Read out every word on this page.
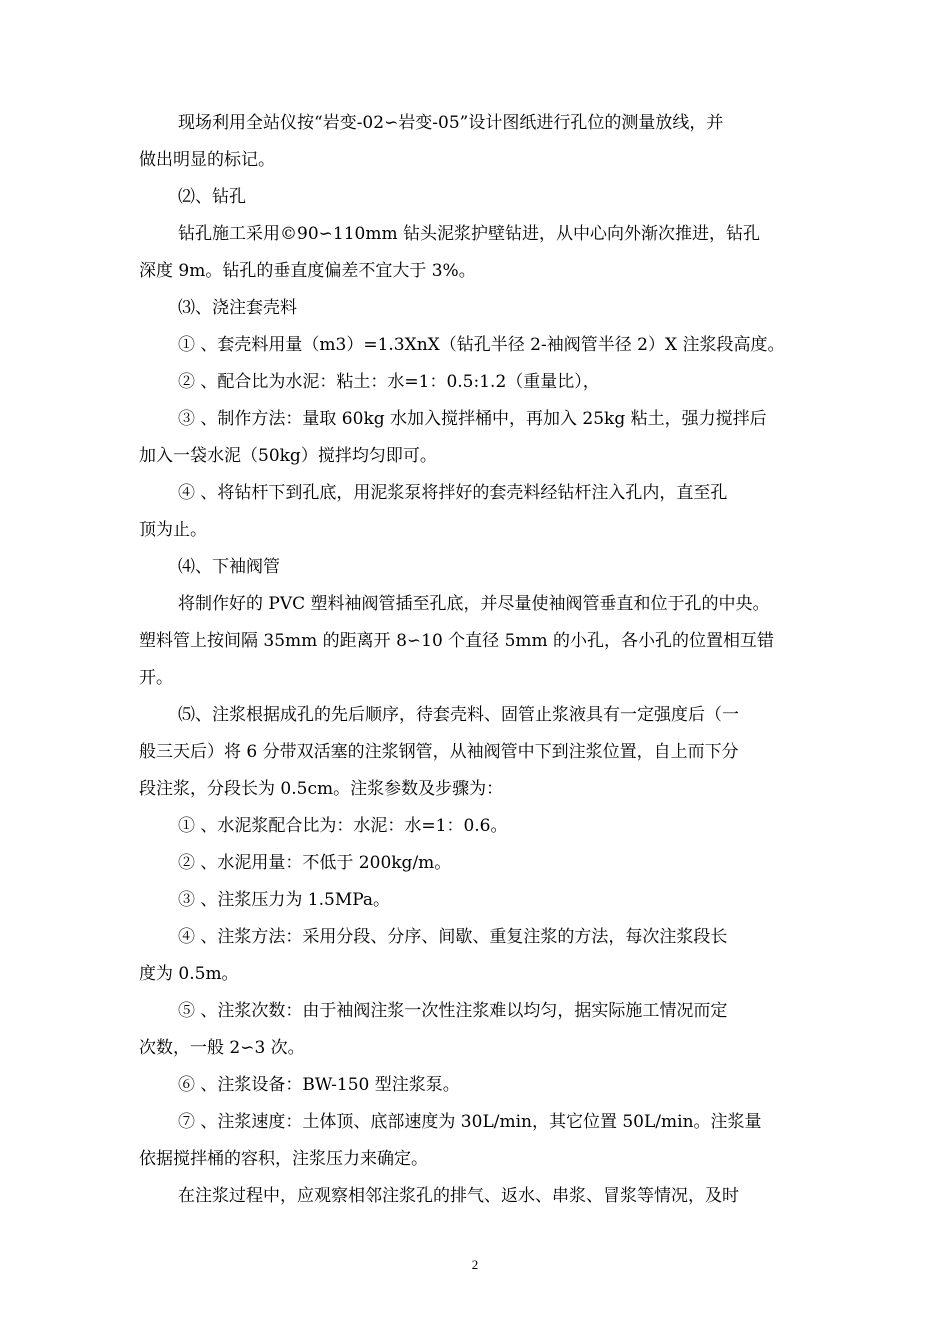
现场利用全站仪按“岩变-02∽岩变-05”设计图纸进行孔位的测量放线，并
做出明显的标记。
⑵、钻孔
钻孔施工采用©90∽110mm 钻头泥浆护壁钻进，从中心向外渐次推进，钻孔
深度 9m。钻孔的垂直度偏差不宜大于 3%。
⑶、浇注套壳料
① 、套壳料用量（m3）=1.3XnX（钻孔半径 2-袖阀管半径 2）X 注浆段高度。
② 、配合比为水泥：粘土：水=1：0.5:1.2（重量比），
③ 、制作方法：量取 60kg 水加入搅拌桶中，再加入 25kg 粘土，强力搅拌后
加入一袋水泥（50kg）搅拌均匀即可。
④ 、将钻杆下到孔底，用泥浆泵将拌好的套壳料经钻杆注入孔内，直至孔
顶为止。
⑷、下袖阀管
将制作好的 PVC 塑料袖阀管插至孔底，并尽量使袖阀管垂直和位于孔的中央。
塑料管上按间隔 35mm 的距离开 8∽10 个直径 5mm 的小孔，各小孔的位置相互错
开。
⑸、注浆根据成孔的先后顺序，待套壳料、固管止浆液具有一定强度后（一
般三天后）将 6 分带双活塞的注浆钢管，从袖阀管中下到注浆位置，自上而下分
段注浆，分段长为 0.5cm。注浆参数及步骤为：
① 、水泥浆配合比为：水泥：水=1：0.6。
② 、水泥用量：不低于 200kg/m。
③ 、注浆压力为 1.5MPa。
④ 、注浆方法：采用分段、分序、间歇、重复注浆的方法，每次注浆段长
度为 0.5m。
⑤ 、注浆次数：由于袖阀注浆一次性注浆难以均匀，据实际施工情况而定
次数，一般 2∽3 次。
⑥ 、注浆设备：BW-150 型注浆泵。
⑦ 、注浆速度：土体顶、底部速度为 30L/min，其它位置 50L/min。注浆量
依据搅拌桶的容积，注浆压力来确定。
在注浆过程中，应观察相邻注浆孔的排气、返水、串浆、冒浆等情况，及时
2
